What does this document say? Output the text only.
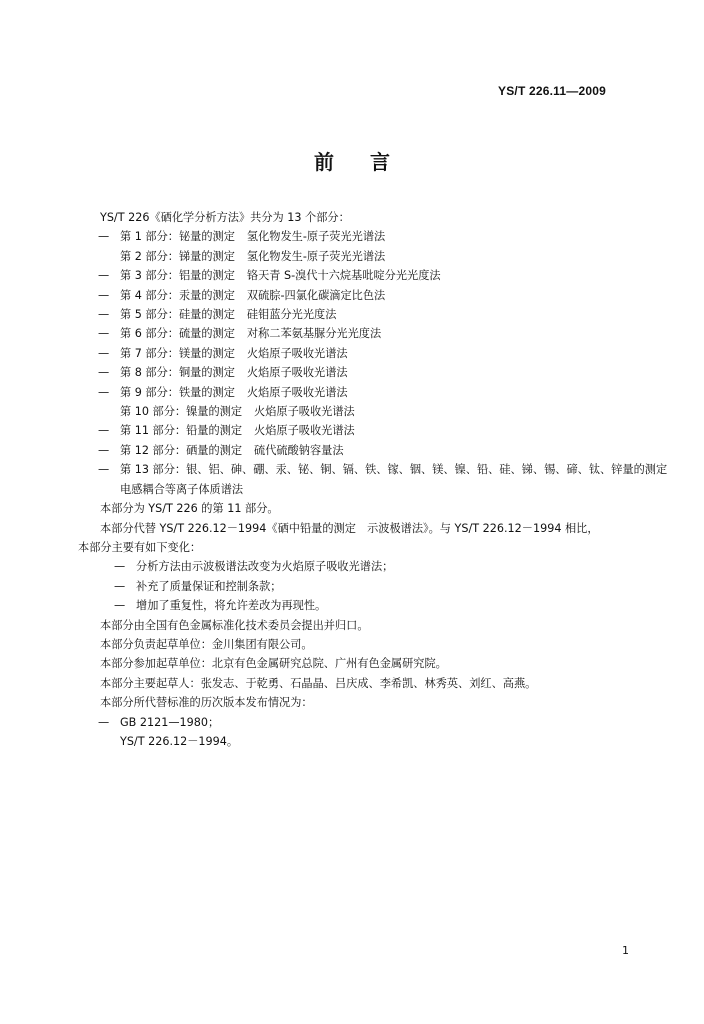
YS/T 226.11—2009
前 言
YS/T 226《硒化学分析方法》共分为 13 个部分：
— 第 1 部分：铋量的测定 氢化物发生-原子荧光光谱法
第 2 部分：锑量的测定 氢化物发生-原子荧光光谱法
— 第 3 部分：铝量的测定 铬天青 S-溴代十六烷基吡啶分光光度法
— 第 4 部分：汞量的测定 双硫腙-四氯化碳滴定比色法
— 第 5 部分：硅量的测定 硅钼蓝分光光度法
— 第 6 部分：硫量的测定 对称二苯氨基脲分光光度法
— 第 7 部分：镁量的测定 火焰原子吸收光谱法
— 第 8 部分：铜量的测定 火焰原子吸收光谱法
— 第 9 部分：铁量的测定 火焰原子吸收光谱法
第 10 部分：镍量的测定 火焰原子吸收光谱法
— 第 11 部分：铅量的测定 火焰原子吸收光谱法
— 第 12 部分：硒量的测定 硫代硫酸钠容量法
— 第 13 部分：银、铝、砷、硼、汞、铋、铜、镉、铁、镓、铟、镁、镍、铅、硅、锑、锡、碲、钛、锌量的测定
电感耦合等离子体质谱法
本部分为 YS/T 226 的第 11 部分。
本部分代替 YS/T 226.12－1994《硒中铅量的测定　示波极谱法》。与 YS/T 226.12－1994 相比，
本部分主要有如下变化：
— 分析方法由示波极谱法改变为火焰原子吸收光谱法；
— 补充了质量保证和控制条款；
— 增加了重复性，将允许差改为再现性。
本部分由全国有色金属标准化技术委员会提出并归口。
本部分负责起草单位：金川集团有限公司。
本部分参加起草单位：北京有色金属研究总院、广州有色金属研究院。
本部分主要起草人：张发志、于乾勇、石晶晶、吕庆成、李希凯、林秀英、刘红、高燕。
本部分所代替标准的历次版本发布情况为：
— GB 2121—1980；
YS/T 226.12－1994。
1
